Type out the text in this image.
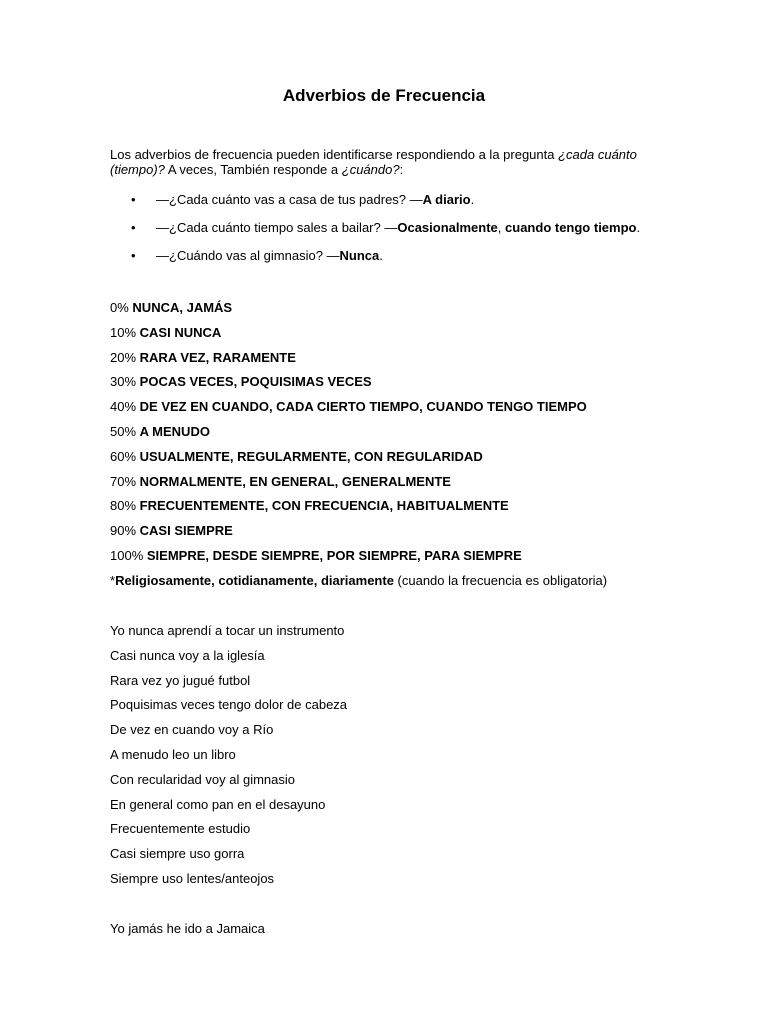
Adverbios de Frecuencia
Los adverbios de frecuencia pueden identificarse respondiendo a la pregunta ¿cada cuánto (tiempo)? A veces, También responde a ¿cuándo?:
• —¿Cada cuánto vas a casa de tus padres? —A diario.
• —¿Cada cuánto tiempo sales a bailar? —Ocasionalmente, cuando tengo tiempo.
• —¿Cuándo vas al gimnasio? —Nunca.
0% NUNCA, JAMÁS
10% CASI NUNCA
20% RARA VEZ, RARAMENTE
30% POCAS VECES, POQUISIMAS VECES
40% DE VEZ EN CUANDO, CADA CIERTO TIEMPO, CUANDO TENGO TIEMPO
50% A MENUDO
60% USUALMENTE, REGULARMENTE, CON REGULARIDAD
70% NORMALMENTE, EN GENERAL, GENERALMENTE
80% FRECUENTEMENTE, CON FRECUENCIA, HABITUALMENTE
90% CASI SIEMPRE
100% SIEMPRE, DESDE SIEMPRE, POR SIEMPRE, PARA SIEMPRE
*Religiosamente, cotidianamente, diariamente (cuando la frecuencia es obligatoria)
Yo nunca aprendí a tocar un instrumento
Casi nunca voy a la iglesía
Rara vez yo jugué futbol
Poquisimas veces tengo dolor de cabeza
De vez en cuando voy a Río
A menudo leo un libro
Con recularidad voy al gimnasio
En general como pan en el desayuno
Frecuentemente estudio
Casi siempre uso gorra
Siempre uso lentes/anteojos
Yo jamás he ido a Jamaica
